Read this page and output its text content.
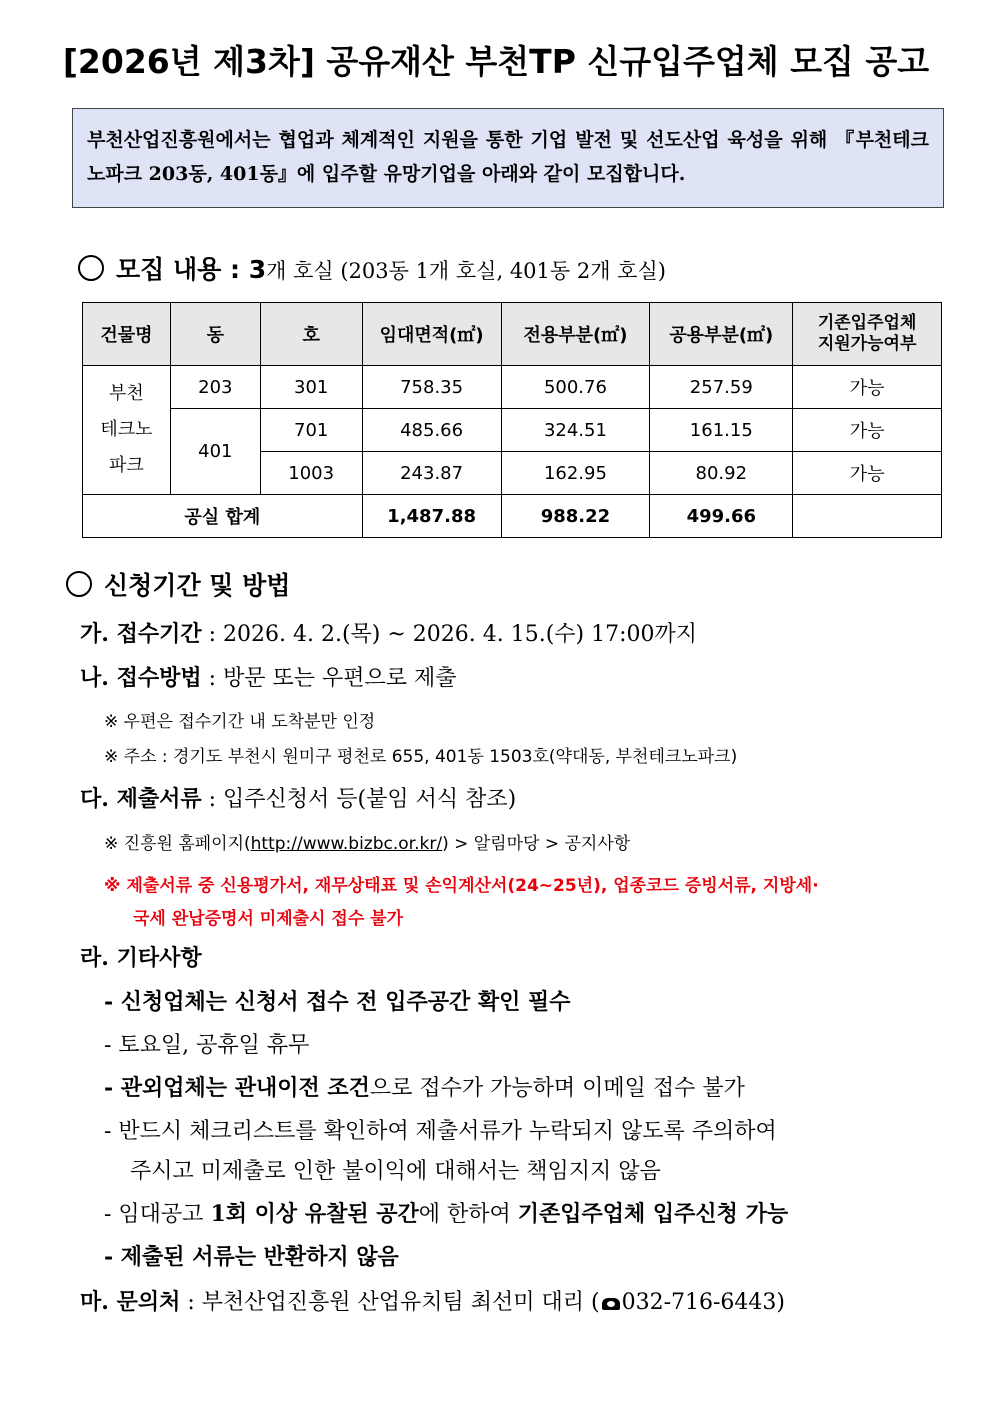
[2026년 제3차] 공유재산 부천TP 신규입주업체 모집 공고
부천산업진흥원에서는 협업과 체계적인 지원을 통한 기업 발전 및 선도산업 육성을 위해 『부천테크노파크 203동, 401동』에 입주할 유망기업을 아래와 같이 모집합니다.
모집 내용 : 3개 호실 (203동 1개 호실, 401동 2개 호실)
건물명	동	호	임대면적(㎡)	전용부분(㎡)	공용부분(㎡)	기존입주업체
지원가능여부
부천
테크노
파크	203	301	758.35	500.76	257.59	가능
	401	701	485.66	324.51	161.15	가능
		1003	243.87	162.95	80.92	가능
공실 합계			1,487.88	988.22	499.66	
신청기간 및 방법
가. 접수기간 : 2026. 4. 2.(목) ~ 2026. 4. 15.(수) 17:00까지
나. 접수방법 : 방문 또는 우편으로 제출
※ 우편은 접수기간 내 도착분만 인정
※ 주소 : 경기도 부천시 원미구 평천로 655, 401동 1503호(약대동, 부천테크노파크)
다. 제출서류 : 입주신청서 등(붙임 서식 참조)
※ 진흥원 홈페이지(http://www.bizbc.or.kr/) > 알림마당 > 공지사항
※ 제출서류 중 신용평가서, 재무상태표 및 손익계산서(24~25년), 업종코드 증빙서류, 지방세·
국세 완납증명서 미제출시 접수 불가
라. 기타사항
- 신청업체는 신청서 접수 전 입주공간 확인 필수
- 토요일, 공휴일 휴무
- 관외업체는 관내이전 조건으로 접수가 가능하며 이메일 접수 불가
- 반드시 체크리스트를 확인하여 제출서류가 누락되지 않도록 주의하여
주시고 미제출로 인한 불이익에 대해서는 책임지지 않음
- 임대공고 1회 이상 유찰된 공간에 한하여 기존입주업체 입주신청 가능
- 제출된 서류는 반환하지 않음
마. 문의처 : 부천산업진흥원 산업유치팀 최선미 대리 ( 032-716-6443)
